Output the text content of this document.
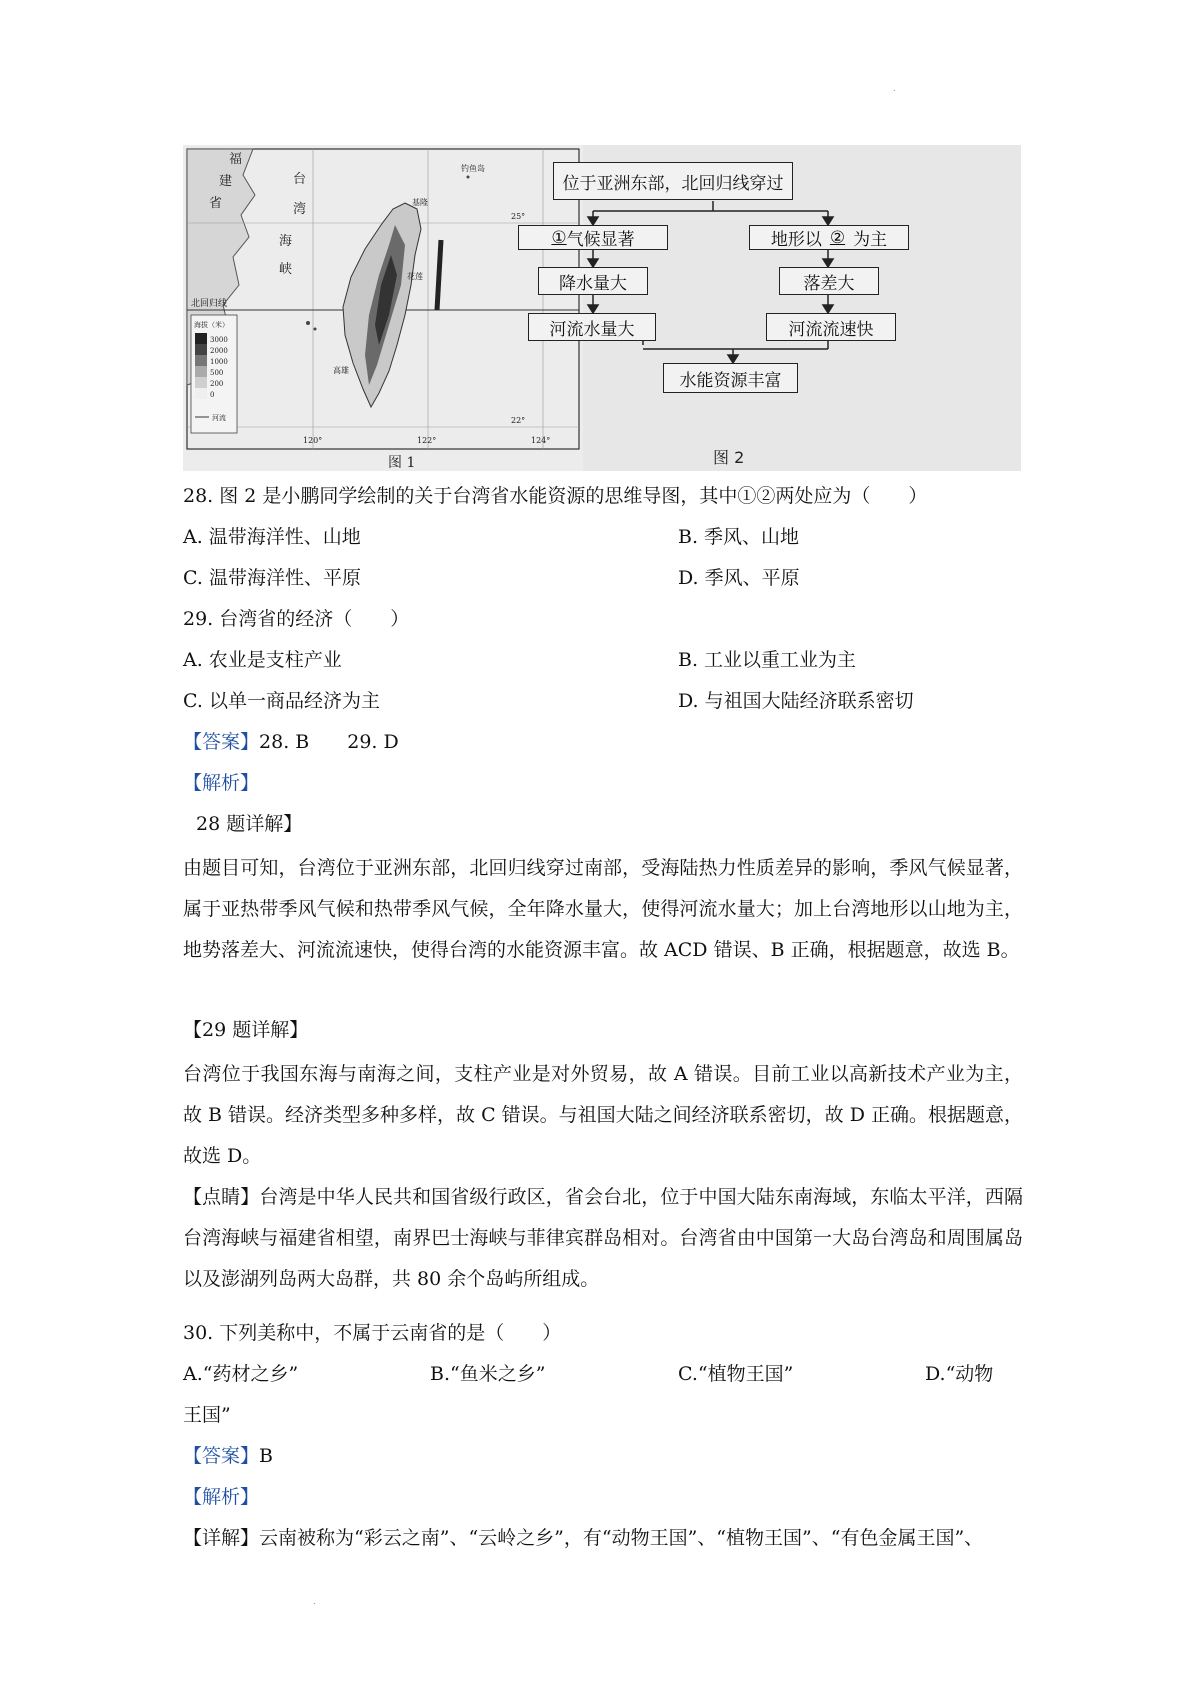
.
福
建
省
台
湾
海
峡
基隆
花莲
高雄
钓鱼岛
北回归线
120°	122°	124°
22°
25°
海拔（米）
3000
2000
1000
500
200
0
河流
图 1
位于亚洲东部，北回归线穿过
① 气候显著	地形以 ② 为主
降水量大	落差大
河流水量大	河流流速快
水能资源丰富
图 2
28. 图 2 是小鹏同学绘制的关于台湾省水能资源的思维导图，其中①②两处应为（　　）
A. 温带海洋性、山地	B. 季风、山地
C. 温带海洋性、平原	D. 季风、平原
29. 台湾省的经济（　　）
A. 农业是支柱产业	B. 工业以重工业为主
C. 以单一商品经济为主	D. 与祖国大陆经济联系密切
【答案】28. B　　29. D
【解析】
28 题详解】
由题目可知，台湾位于亚洲东部，北回归线穿过南部，受海陆热力性质差异的影响，季风气候显著，属于亚热带季风气候和热带季风气候，全年降水量大，使得河流水量大；加上台湾地形以山地为主，地势落差大、河流流速快，使得台湾的水能资源丰富。故 ACD 错误、B 正确，根据题意，故选 B。
【29 题详解】
台湾位于我国东海与南海之间，支柱产业是对外贸易，故 A 错误。目前工业以高新技术产业为主，故 B 错误。经济类型多种多样，故 C 错误。与祖国大陆之间经济联系密切，故 D 正确。根据题意，故选 D。
【点睛】台湾是中华人民共和国省级行政区，省会台北，位于中国大陆东南海域，东临太平洋，西隔台湾海峡与福建省相望，南界巴士海峡与菲律宾群岛相对。台湾省由中国第一大岛台湾岛和周围属岛以及澎湖列岛两大岛群，共 80 余个岛屿所组成。
30. 下列美称中，不属于云南省的是（　　）
A.“药材之乡”	B.“鱼米之乡”	C.“植物王国”	D.“动物
王国”
【答案】B
【解析】
【详解】云南被称为“彩云之南”、“云岭之乡”，有“动物王国”、“植物王国”、“有色金属王国”、
.
